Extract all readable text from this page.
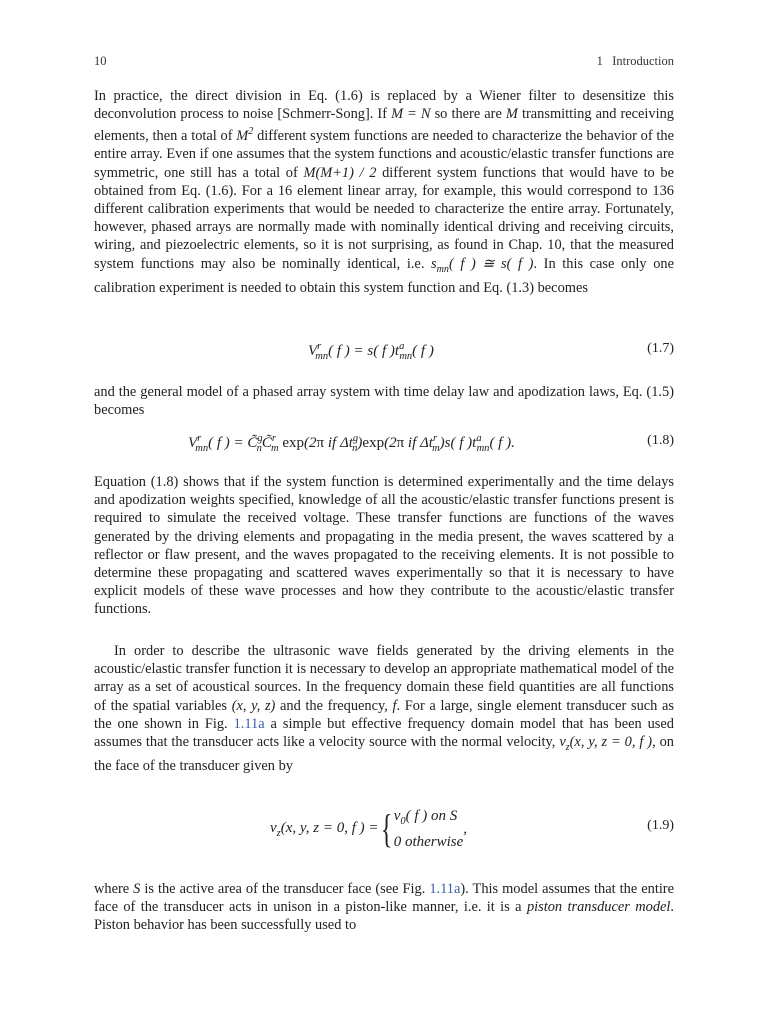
10	1   Introduction
In practice, the direct division in Eq. (1.6) is replaced by a Wiener filter to desensitize this deconvolution process to noise [Schmerr-Song]. If M = N so there are M transmitting and receiving elements, then a total of $M^2$ different system functions are needed to characterize the behavior of the entire array. Even if one assumes that the system functions and acoustic/elastic transfer functions are symmetric, one still has a total of M(M+1) / 2 different system functions that would have to be obtained from Eq. (1.6). For a 16 element linear array, for example, this would correspond to 136 different calibration experiments that would be needed to characterize the entire array. Fortunately, however, phased arrays are normally made with nominally identical driving and receiving circuits, wiring, and piezoelectric elements, so it is not surprising, as found in Chap. 10, that the measured system functions may also be nominally identical, i.e. $s_{mn}$( f ) ≅ s( f ). In this case only one calibration experiment is needed to obtain this system function and Eq. (1.3) becomes
$V^r_{mn}$( f ) = s( f )$t^a_{mn}$( f )	(1.7)
and the general model of a phased array system with time delay law and apodization laws, Eq. (1.5) becomes
$V^r_{mn}$( f ) = C̃$^g_n$C̃$^r_m$ exp(2π if $\Delta t^g_n)\exp(2\pi$ if $\Delta t^r_m)s$( f )$t^a_{mn}$( f ).	(1.8)
Equation (1.8) shows that if the system function is determined experimentally and the time delays and apodization weights specified, knowledge of all the acoustic/elastic transfer functions present is required to simulate the received voltage. These transfer functions are functions of the waves generated by the driving elements and propagating in the media present, the waves scattered by a reflector or flaw present, and the waves propagated to the receiving elements. It is not possible to determine these propagating and scattered waves experimentally so that it is necessary to have explicit models of these wave processes and how they contribute to the acoustic/elastic transfer functions.
In order to describe the ultrasonic wave fields generated by the driving elements in the acoustic/elastic transfer function it is necessary to develop an appropriate mathematical model of the array as a set of acoustical sources. In the frequency domain these field quantities are all functions of the spatial variables (x, y, z) and the frequency, f. For a large, single element transducer such as the one shown in Fig. 1.11a a simple but effective frequency domain model that has been used assumes that the transducer acts like a velocity source with the normal velocity, $v_z(x$, y, z = 0, f ), on the face of the transducer given by
$v_z(x$, y, z = 0, f ) ={ $v_0$( f ) on S
0 otherwise,	(1.9)
where S is the active area of the transducer face (see Fig. 1.11a). This model assumes that the entire face of the transducer acts in unison in a piston-like manner, i.e. it is a piston transducer model. Piston behavior has been successfully used to
